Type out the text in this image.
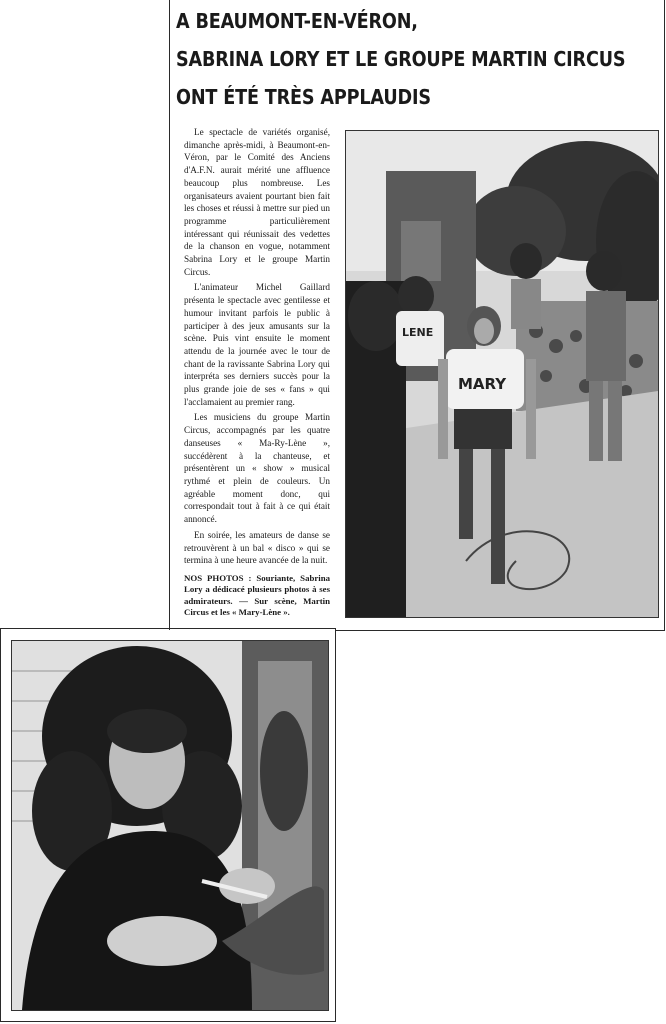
A BEAUMONT-EN-VÉRON,
SABRINA LORY ET LE GROUPE MARTIN CIRCUS
ONT ÉTÉ TRÈS APPLAUDIS

Le spectacle de variétés organisé, dimanche après-midi, à Beaumont-en-Véron, par le Comité des Anciens d'A.F.N. aurait mérité une affluence beaucoup plus nombreuse. Les organisateurs avaient pourtant bien fait les choses et réussi à mettre sur pied un programme particulièrement intéressant qui réunissait des vedettes de la chanson en vogue, notamment Sabrina Lory et le groupe Martin Circus.

L'animateur Michel Gaillard présenta le spectacle avec gentilesse et humour invitant parfois le public à participer à des jeux amusants sur la scène. Puis vint ensuite le moment attendu de la journée avec le tour de chant de la ravissante Sabrina Lory qui interpréta ses derniers succès pour la plus grande joie de ses « fans » qui l'acclamaient au premier rang.

Les musiciens du groupe Martin Circus, accompagnés par les quatre danseuses « Ma-Ry-Lène », succédèrent à la chanteuse, et présentèrent un « show » musical rythmé et plein de couleurs. Un agréable moment donc, qui correspondait tout à fait à ce qui était annoncé.

En soirée, les amateurs de danse se retrouvèrent à un bal « disco » qui se termina à une heure avancée de la nuit.

NOS PHOTOS : Souriante, Sabrina Lory a dédicacé plusieurs photos à ses admirateurs. — Sur scène, Martin Circus et les « Mary-Lène ».

LENE
MARY
